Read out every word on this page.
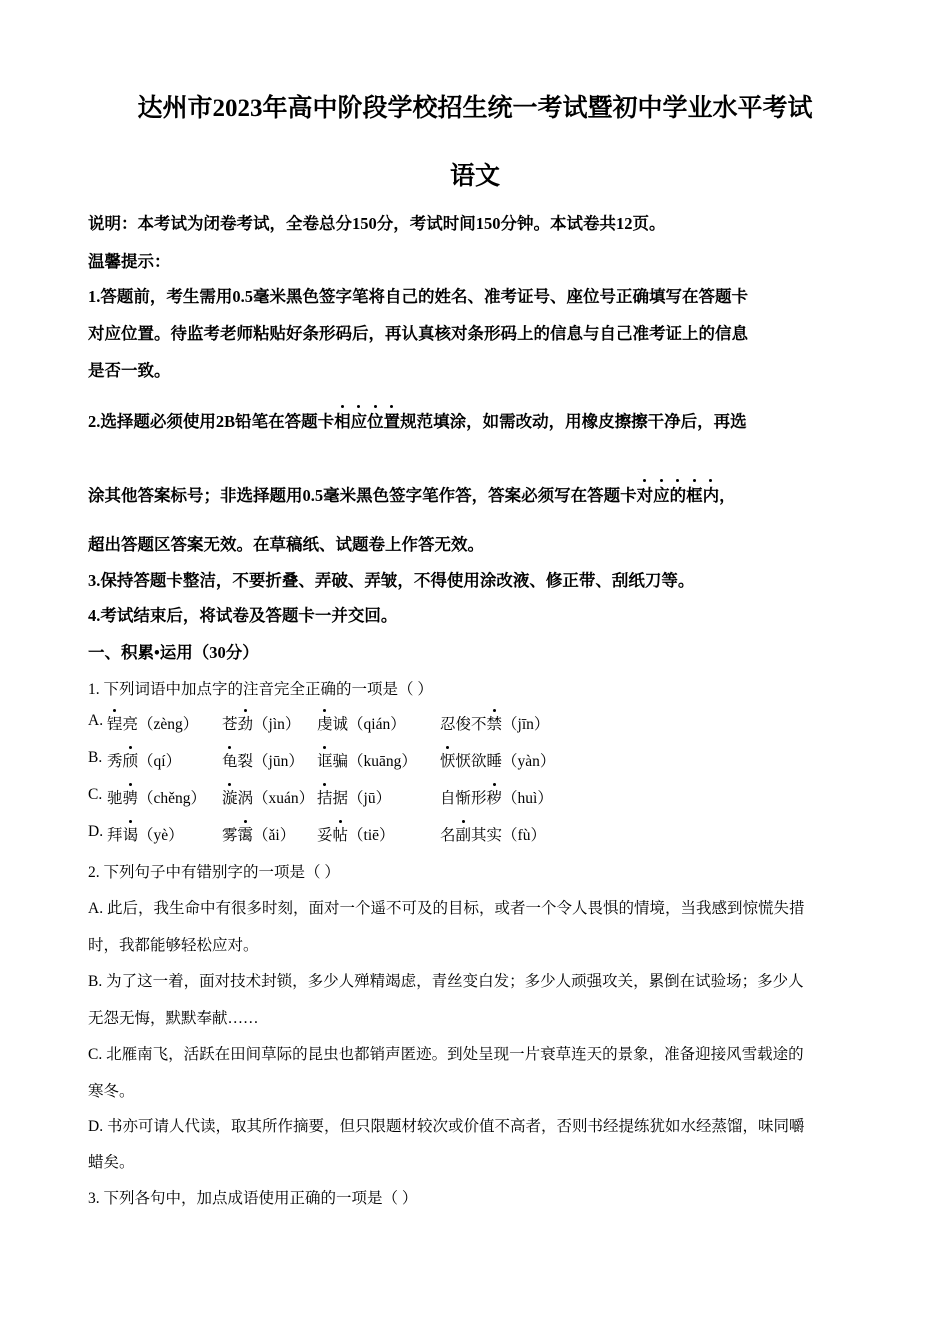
达州市2023年高中阶段学校招生统一考试暨初中学业水平考试
语文
说明：本考试为闭卷考试，全卷总分150分，考试时间150分钟。本试卷共12页。
温馨提示：
1.答题前，考生需用0.5毫米黑色签字笔将自己的姓名、准考证号、座位号正确填写在答题卡
对应位置。待监考老师粘贴好条形码后，再认真核对条形码上的信息与自己准考证上的信息
是否一致。
2.选择题必须使用2B铅笔在答题卡相应位置规范填涂，如需改动，用橡皮擦擦干净后，再选
涂其他答案标号；非选择题用0.5毫米黑色签字笔作答，答案必须写在答题卡对应的框内，
超出答题区答案无效。在草稿纸、试题卷上作答无效。
3.保持答题卡整洁，不要折叠、弄破、弄皱，不得使用涂改液、修正带、刮纸刀等。
4.考试结束后，将试卷及答题卡一并交回。
一、积累•运用（30分）
1. 下列词语中加点字的注音完全正确的一项是（ ）
A. 锃亮（zèng） 苍劲（jìn） 虔诚（qián） 忍俊不禁（jīn）
B. 秀颀（qí）	龟裂（jūn） 诓骗（kuāng） 恹恹欲睡（yàn）
C. 驰骋（chěng） 漩涡（xuán） 拮据（jū）	自惭形秽（huì）
D. 拜谒（yè） 雾霭（ǎi） 妥帖（tiē）	名副其实（fù）
2. 下列句子中有错别字的一项是（ ）
A. 此后，我生命中有很多时刻，面对一个遥不可及的目标，或者一个令人畏惧的情境，当我感到惊慌失措
时，我都能够轻松应对。
B. 为了这一着，面对技术封锁，多少人殚精竭虑，青丝变白发；多少人顽强攻关，累倒在试验场；多少人
无怨无悔，默默奉献……
C. 北雁南飞，活跃在田间草际的昆虫也都销声匿迹。到处呈现一片衰草连天的景象，准备迎接风雪载途的
寒冬。
D. 书亦可请人代读，取其所作摘要，但只限题材较次或价值不高者，否则书经提练犹如水经蒸馏，味同嚼
蜡矣。
3. 下列各句中，加点成语使用正确的一项是（ ）
